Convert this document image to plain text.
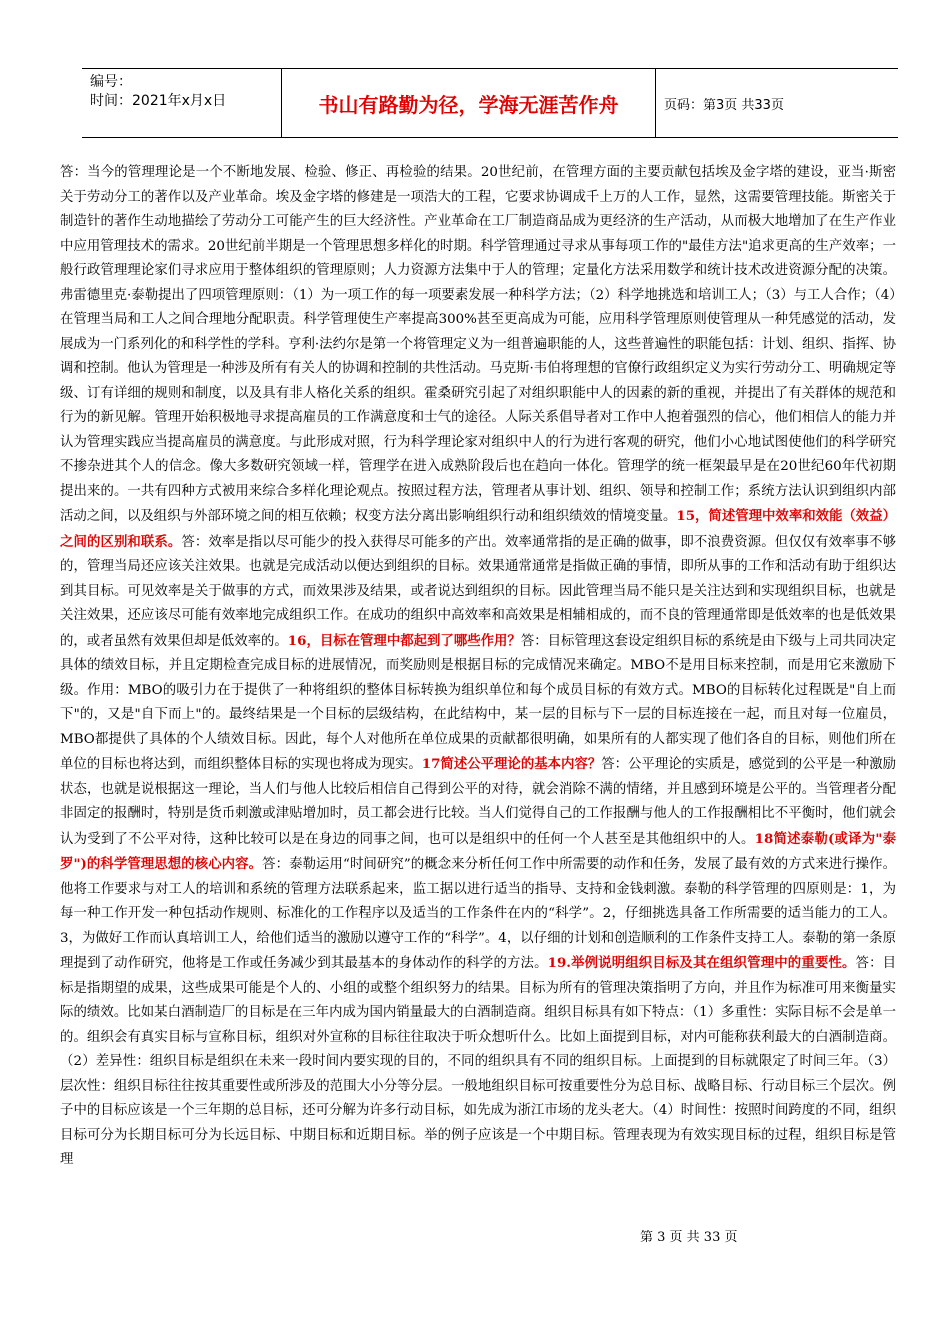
编号：
时间：2021年x月x日	书山有路勤为径，学海无涯苦作舟	页码：第3页 共33页

答：当今的管理理论是一个不断地发展、检验、修正、再检验的结果。20世纪前，在管理方面的主要贡献包括埃及金字塔的建设，亚当·斯密关于劳动分工的著作以及产业革命。埃及金字塔的修建是一项浩大的工程，它要求协调成千上万的人工作，显然，这需要管理技能。斯密关于制造针的著作生动地描绘了劳动分工可能产生的巨大经济性。产业革命在工厂制造商品成为更经济的生产活动，从而极大地增加了在生产作业中应用管理技术的需求。20世纪前半期是一个管理思想多样化的时期。科学管理通过寻求从事每项工作的"最佳方法"追求更高的生产效率；一般行政管理理论家们寻求应用于整体组织的管理原则；人力资源方法集中于人的管理；定量化方法采用数学和统计技术改进资源分配的决策。弗雷德里克·泰勒提出了四项管理原则：（1）为一项工作的每一项要素发展一种科学方法；（2）科学地挑选和培训工人；（3）与工人合作；（4）在管理当局和工人之间合理地分配职责。科学管理使生产率提高300%甚至更高成为可能，应用科学管理原则使管理从一种凭感觉的活动，发展成为一门系列化的和科学性的学科。亨利·法约尔是第一个将管理定义为一组普遍职能的人，这些普遍性的职能包括：计划、组织、指挥、协调和控制。他认为管理是一种涉及所有有关人的协调和控制的共性活动。马克斯·韦伯将理想的官僚行政组织定义为实行劳动分工、明确规定等级、订有详细的规则和制度，以及具有非人格化关系的组织。霍桑研究引起了对组织职能中人的因素的新的重视，并提出了有关群体的规范和行为的新见解。管理开始积极地寻求提高雇员的工作满意度和士气的途径。人际关系倡导者对工作中人抱着强烈的信心，他们相信人的能力并认为管理实践应当提高雇员的满意度。与此形成对照，行为科学理论家对组织中人的行为进行客观的研究，他们小心地试图使他们的科学研究不掺杂进其个人的信念。像大多数研究领域一样，管理学在进入成熟阶段后也在趋向一体化。管理学的统一框架最早是在20世纪60年代初期提出来的。一共有四种方式被用来综合多样化理论观点。按照过程方法，管理者从事计划、组织、领导和控制工作；系统方法认识到组织内部活动之间，以及组织与外部环境之间的相互依赖；权变方法分离出影响组织行动和组织绩效的情境变量。15，简述管理中效率和效能（效益）之间的区别和联系。答：效率是指以尽可能少的投入获得尽可能多的产出。效率通常指的是正确的做事，即不浪费资源。但仅仅有效率事不够的，管理当局还应该关注效果。也就是完成活动以便达到组织的目标。效果通常通常是指做正确的事情，即所从事的工作和活动有助于组织达到其目标。可见效率是关于做事的方式，而效果涉及结果，或者说达到组织的目标。因此管理当局不能只是关注达到和实现组织目标，也就是关注效果，还应该尽可能有效率地完成组织工作。在成功的组织中高效率和高效果是相辅相成的，而不良的管理通常即是低效率的也是低效果的，或者虽然有效果但却是低效率的。16，目标在管理中都起到了哪些作用？答：目标管理这套设定组织目标的系统是由下级与上司共同决定具体的绩效目标，并且定期检查完成目标的进展情况，而奖励则是根据目标的完成情况来确定。MBO不是用目标来控制，而是用它来激励下级。作用：MBO的吸引力在于提供了一种将组织的整体目标转换为组织单位和每个成员目标的有效方式。MBO的目标转化过程既是"自上而下"的，又是"自下而上"的。最终结果是一个目标的层级结构，在此结构中，某一层的目标与下一层的目标连接在一起，而且对每一位雇员，MBO都提供了具体的个人绩效目标。因此，每个人对他所在单位成果的贡献都很明确，如果所有的人都实现了他们各自的目标，则他们所在单位的目标也将达到，而组织整体目标的实现也将成为现实。17简述公平理论的基本内容？答：公平理论的实质是，感觉到的公平是一种激励状态，也就是说根据这一理论，当人们与他人比较后相信自己得到公平的对待，就会消除不满的情绪，并且感到环境是公平的。当管理者分配非固定的报酬时，特别是货币刺激或津贴增加时，员工都会进行比较。当人们觉得自己的工作报酬与他人的工作报酬相比不平衡时，他们就会认为受到了不公平对待，这种比较可以是在身边的同事之间，也可以是组织中的任何一个人甚至是其他组织中的人。18简述泰勒(或译为"泰罗")的科学管理思想的核心内容。答：泰勒运用“时间研究”的概念来分析任何工作中所需要的动作和任务，发展了最有效的方式来进行操作。他将工作要求与对工人的培训和系统的管理方法联系起来，监工据以进行适当的指导、支持和金钱刺激。泰勒的科学管理的四原则是：1，为每一种工作开发一种包括动作规则、标准化的工作程序以及适当的工作条件在内的“科学”。2，仔细挑选具备工作所需要的适当能力的工人。3，为做好工作而认真培训工人，给他们适当的激励以遵守工作的“科学”。4，以仔细的计划和创造顺利的工作条件支持工人。泰勒的第一条原理提到了动作研究，他将是工作或任务减少到其最基本的身体动作的科学的方法。19.举例说明组织目标及其在组织管理中的重要性。答：目标是指期望的成果，这些成果可能是个人的、小组的或整个组织努力的结果。目标为所有的管理决策指明了方向，并且作为标准可用来衡量实际的绩效。比如某白酒制造厂的目标是在三年内成为国内销量最大的白酒制造商。组织目标具有如下特点：（1）多重性：实际目标不会是单一的。组织会有真实目标与宣称目标，组织对外宣称的目标往往取决于听众想听什么。比如上面提到目标，对内可能称获利最大的白酒制造商。（2）差异性：组织目标是组织在未来一段时间内要实现的目的，不同的组织具有不同的组织目标。上面提到的目标就限定了时间三年。（3）层次性：组织目标往往按其重要性或所涉及的范围大小分等分层。一般地组织目标可按重要性分为总目标、战略目标、行动目标三个层次。例子中的目标应该是一个三年期的总目标，还可分解为许多行动目标，如先成为浙江市场的龙头老大。（4）时间性：按照时间跨度的不同，组织目标可分为长期目标可分为长远目标、中期目标和近期目标。举的例子应该是一个中期目标。管理表现为有效实现目标的过程，组织目标是管理

第 3 页 共 33 页
